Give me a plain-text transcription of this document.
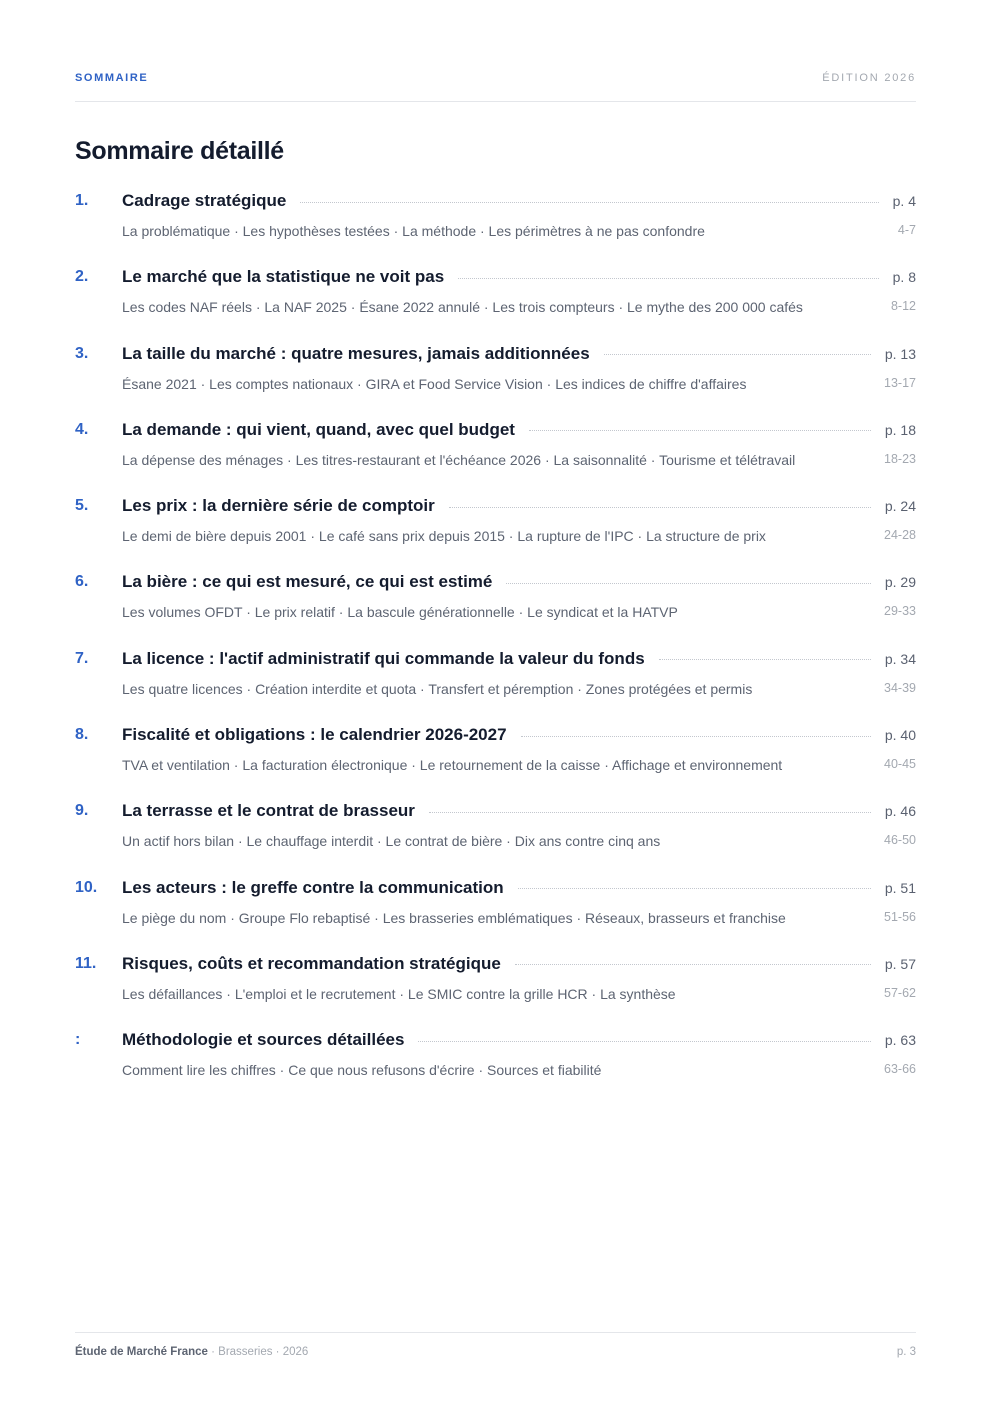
SOMMAIRE	ÉDITION 2026
Sommaire détaillé
1. Cadrage stratégique	p. 4
La problématique · Les hypothèses testées · La méthode · Les périmètres à ne pas confondre	4-7
2. Le marché que la statistique ne voit pas	p. 8
Les codes NAF réels · La NAF 2025 · Ésane 2022 annulé · Les trois compteurs · Le mythe des 200 000 cafés	8-12
3. La taille du marché : quatre mesures, jamais additionnées	p. 13
Ésane 2021 · Les comptes nationaux · GIRA et Food Service Vision · Les indices de chiffre d'affaires	13-17
4. La demande : qui vient, quand, avec quel budget	p. 18
La dépense des ménages · Les titres-restaurant et l'échéance 2026 · La saisonnalité · Tourisme et télétravail	18-23
5. Les prix : la dernière série de comptoir	p. 24
Le demi de bière depuis 2001 · Le café sans prix depuis 2015 · La rupture de l'IPC · La structure de prix	24-28
6. La bière : ce qui est mesuré, ce qui est estimé	p. 29
Les volumes OFDT · Le prix relatif · La bascule générationnelle · Le syndicat et la HATVP	29-33
7. La licence : l'actif administratif qui commande la valeur du fonds	p. 34
Les quatre licences · Création interdite et quota · Transfert et péremption · Zones protégées et permis	34-39
8. Fiscalité et obligations : le calendrier 2026-2027	p. 40
TVA et ventilation · La facturation électronique · Le retournement de la caisse · Affichage et environnement	40-45
9. La terrasse et le contrat de brasseur	p. 46
Un actif hors bilan · Le chauffage interdit · Le contrat de bière · Dix ans contre cinq ans	46-50
10. Les acteurs : le greffe contre la communication	p. 51
Le piège du nom · Groupe Flo rebaptisé · Les brasseries emblématiques · Réseaux, brasseurs et franchise	51-56
11. Risques, coûts et recommandation stratégique	p. 57
Les défaillances · L'emploi et le recrutement · Le SMIC contre la grille HCR · La synthèse	57-62
: Méthodologie et sources détaillées	p. 63
Comment lire les chiffres · Ce que nous refusons d'écrire · Sources et fiabilité	63-66
Étude de Marché France · Brasseries · 2026	p. 3
